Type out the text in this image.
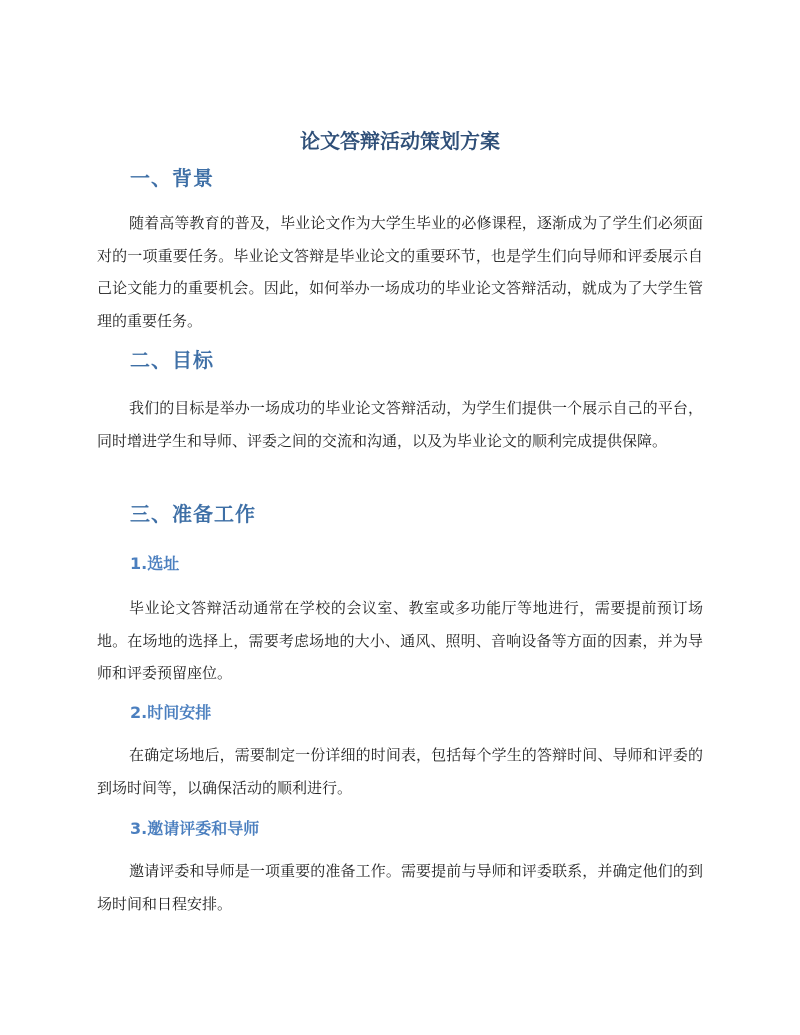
论文答辩活动策划方案
一、背景
随着高等教育的普及，毕业论文作为大学生毕业的必修课程，逐渐成为了学生们必须面对的一项重要任务。毕业论文答辩是毕业论文的重要环节，也是学生们向导师和评委展示自己论文能力的重要机会。因此，如何举办一场成功的毕业论文答辩活动，就成为了大学生管理的重要任务。
二、目标
我们的目标是举办一场成功的毕业论文答辩活动，为学生们提供一个展示自己的平台，同时增进学生和导师、评委之间的交流和沟通，以及为毕业论文的顺利完成提供保障。
三、准备工作
1.选址
毕业论文答辩活动通常在学校的会议室、教室或多功能厅等地进行，需要提前预订场地。在场地的选择上，需要考虑场地的大小、通风、照明、音响设备等方面的因素，并为导师和评委预留座位。
2.时间安排
在确定场地后，需要制定一份详细的时间表，包括每个学生的答辩时间、导师和评委的到场时间等，以确保活动的顺利进行。
3.邀请评委和导师
邀请评委和导师是一项重要的准备工作。需要提前与导师和评委联系，并确定他们的到场时间和日程安排。
